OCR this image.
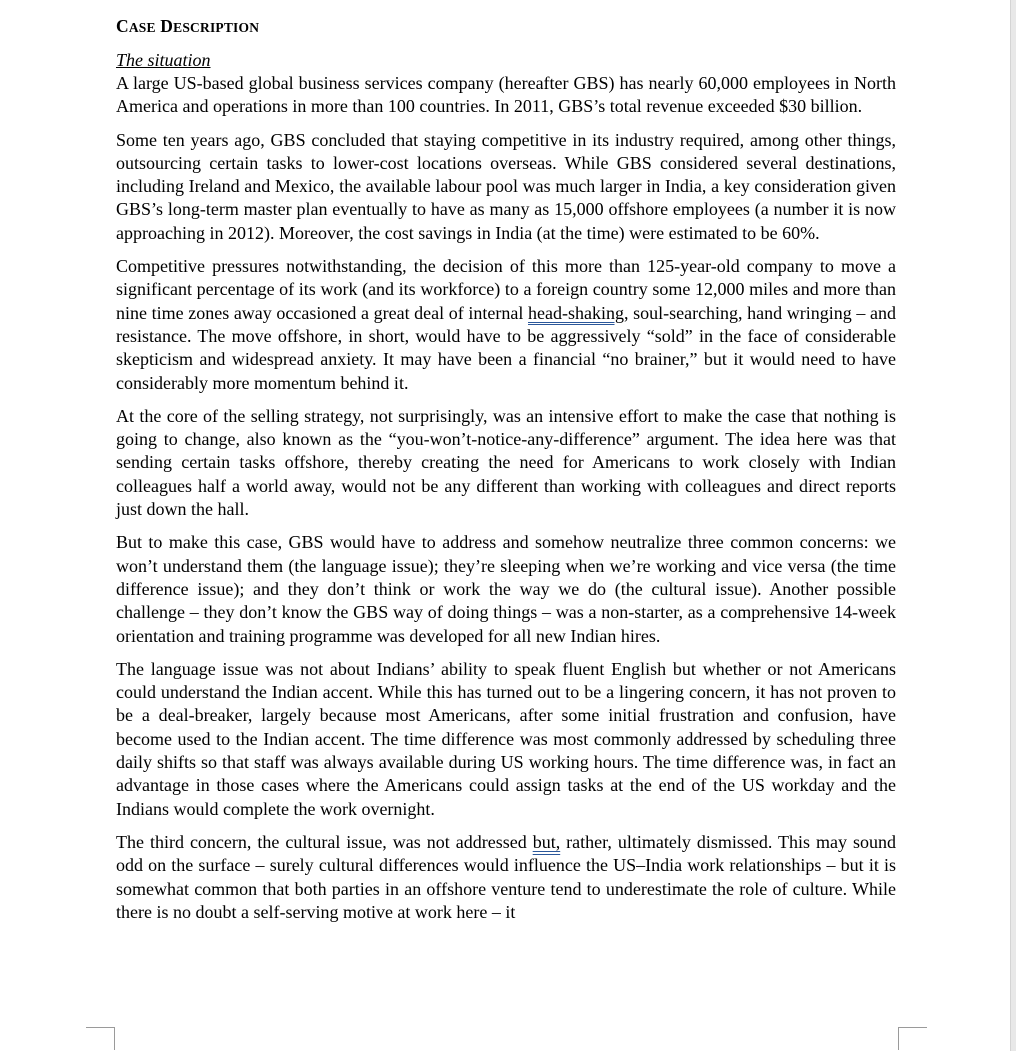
CASE DESCRIPTION
The situation

A large US-based global business services company (hereafter GBS) has nearly 60,000 employees in North America and operations in more than 100 countries. In 2011, GBS’s total revenue exceeded $30 billion.

Some ten years ago, GBS concluded that staying competitive in its industry required, among other things, outsourcing certain tasks to lower-cost locations overseas. While GBS considered several destinations, including Ireland and Mexico, the available labour pool was much larger in India, a key consideration given GBS’s long-term master plan eventually to have as many as 15,000 offshore employees (a number it is now approaching in 2012). Moreover, the cost savings in India (at the time) were estimated to be 60%.

Competitive pressures notwithstanding, the decision of this more than 125-year-old company to move a significant percentage of its work (and its workforce) to a foreign country some 12,000 miles and more than nine time zones away occasioned a great deal of internal head-shaking, soul-searching, hand wringing – and resistance. The move offshore, in short, would have to be aggressively “sold” in the face of considerable skepticism and widespread anxiety. It may have been a financial “no brainer,” but it would need to have considerably more momentum behind it.

At the core of the selling strategy, not surprisingly, was an intensive effort to make the case that nothing is going to change, also known as the “you-won’t-notice-any-difference” argument. The idea here was that sending certain tasks offshore, thereby creating the need for Americans to work closely with Indian colleagues half a world away, would not be any different than working with colleagues and direct reports just down the hall.

But to make this case, GBS would have to address and somehow neutralize three common concerns: we won’t understand them (the language issue); they’re sleeping when we’re working and vice versa (the time difference issue); and they don’t think or work the way we do (the cultural issue). Another possible challenge – they don’t know the GBS way of doing things – was a non-starter, as a comprehensive 14-week orientation and training programme was developed for all new Indian hires.

The language issue was not about Indians’ ability to speak fluent English but whether or not Americans could understand the Indian accent. While this has turned out to be a lingering concern, it has not proven to be a deal-breaker, largely because most Americans, after some initial frustration and confusion, have become used to the Indian accent. The time difference was most commonly addressed by scheduling three daily shifts so that staff was always available during US working hours. The time difference was, in fact an advantage in those cases where the Americans could assign tasks at the end of the US workday and the Indians would complete the work overnight.

The third concern, the cultural issue, was not addressed but, rather, ultimately dismissed. This may sound odd on the surface – surely cultural differences would influence the US–India work relationships – but it is somewhat common that both parties in an offshore venture tend to underestimate the role of culture. While there is no doubt a self-serving motive at work here – it
